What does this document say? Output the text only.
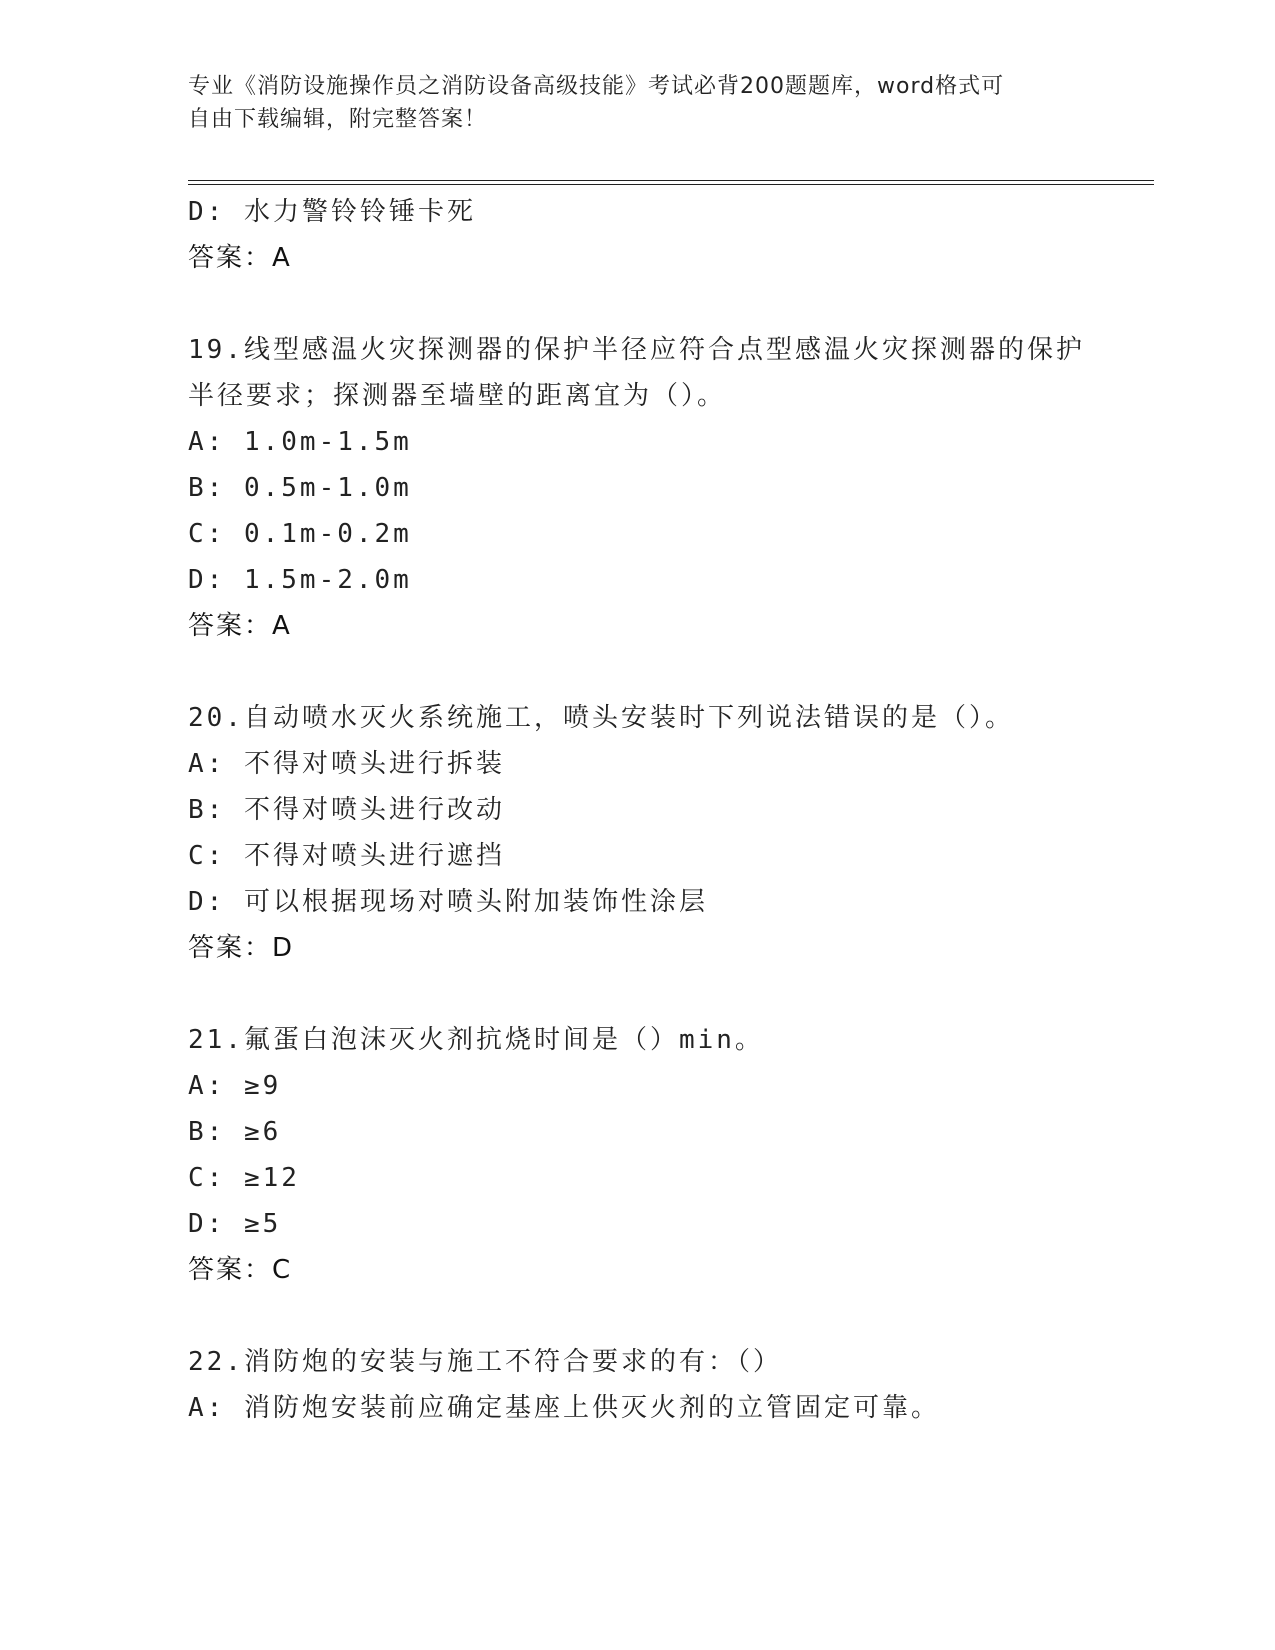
专业《消防设施操作员之消防设备高级技能》考试必背200题题库，word格式可
自由下载编辑，附完整答案！
D: 水力警铃铃锤卡死
答案：A
19.线型感温火灾探测器的保护半径应符合点型感温火灾探测器的保护半径要求；探测器至墙壁的距离宜为（）。
A: 1.0m-1.5m
B: 0.5m-1.0m
C: 0.1m-0.2m
D: 1.5m-2.0m
答案：A
20.自动喷水灭火系统施工，喷头安装时下列说法错误的是（）。
A: 不得对喷头进行拆装
B: 不得对喷头进行改动
C: 不得对喷头进行遮挡
D: 可以根据现场对喷头附加装饰性涂层
答案：D
21.氟蛋白泡沫灭火剂抗烧时间是（）min。
A: ≥9
B: ≥6
C: ≥12
D: ≥5
答案：C
22.消防炮的安装与施工不符合要求的有：（）
A: 消防炮安装前应确定基座上供灭火剂的立管固定可靠。
